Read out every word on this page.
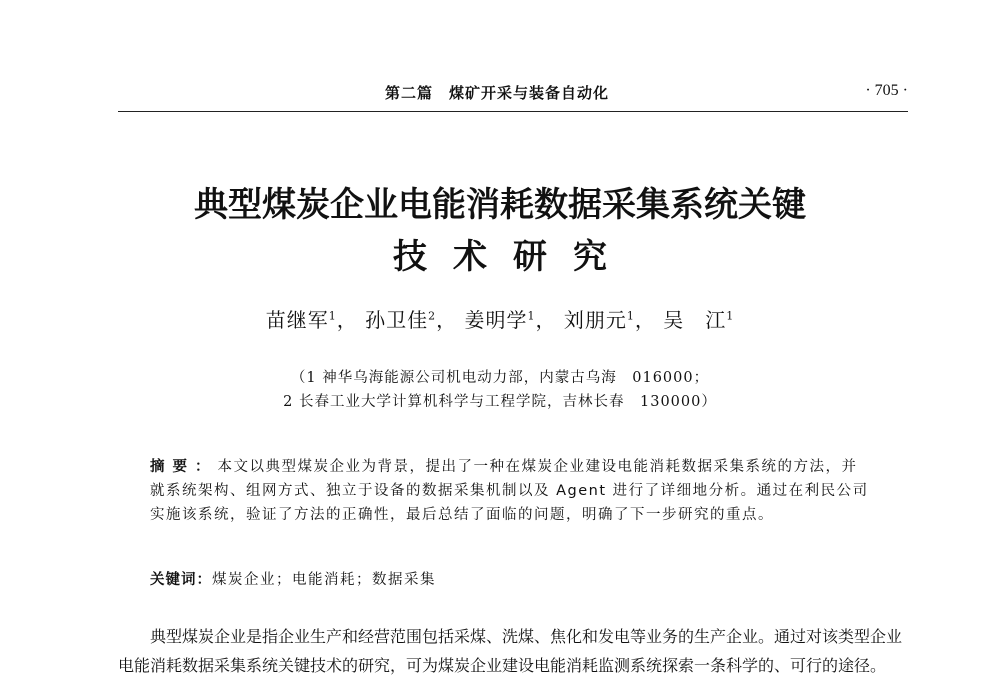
第二篇　煤矿开采与装备自动化	· 705 ·
典型煤炭企业电能消耗数据采集系统关键
技术研究
苗继军$^1$， 孙卫佳$^2$， 姜明学$^1$， 刘朋元$^1$， 吴　江$^1$
（1 神华乌海能源公司机电动力部，内蒙古乌海　016000；
2 长春工业大学计算机科学与工程学院，吉林长春　130000）
摘要：本文以典型煤炭企业为背景，提出了一种在煤炭企业建设电能消耗数据采集系统的方法，并就系统架构、组网方式、独立于设备的数据采集机制以及 Agent 进行了详细地分析。通过在利民公司实施该系统，验证了方法的正确性，最后总结了面临的问题，明确了下一步研究的重点。
关键词：煤炭企业；电能消耗；数据采集
典型煤炭企业是指企业生产和经营范围包括采煤、洗煤、焦化和发电等业务的生产企业。通过对该类型企业电能消耗数据采集系统关键技术的研究，可为煤炭企业建设电能消耗监测系统探索一条科学的、可行的途径。
